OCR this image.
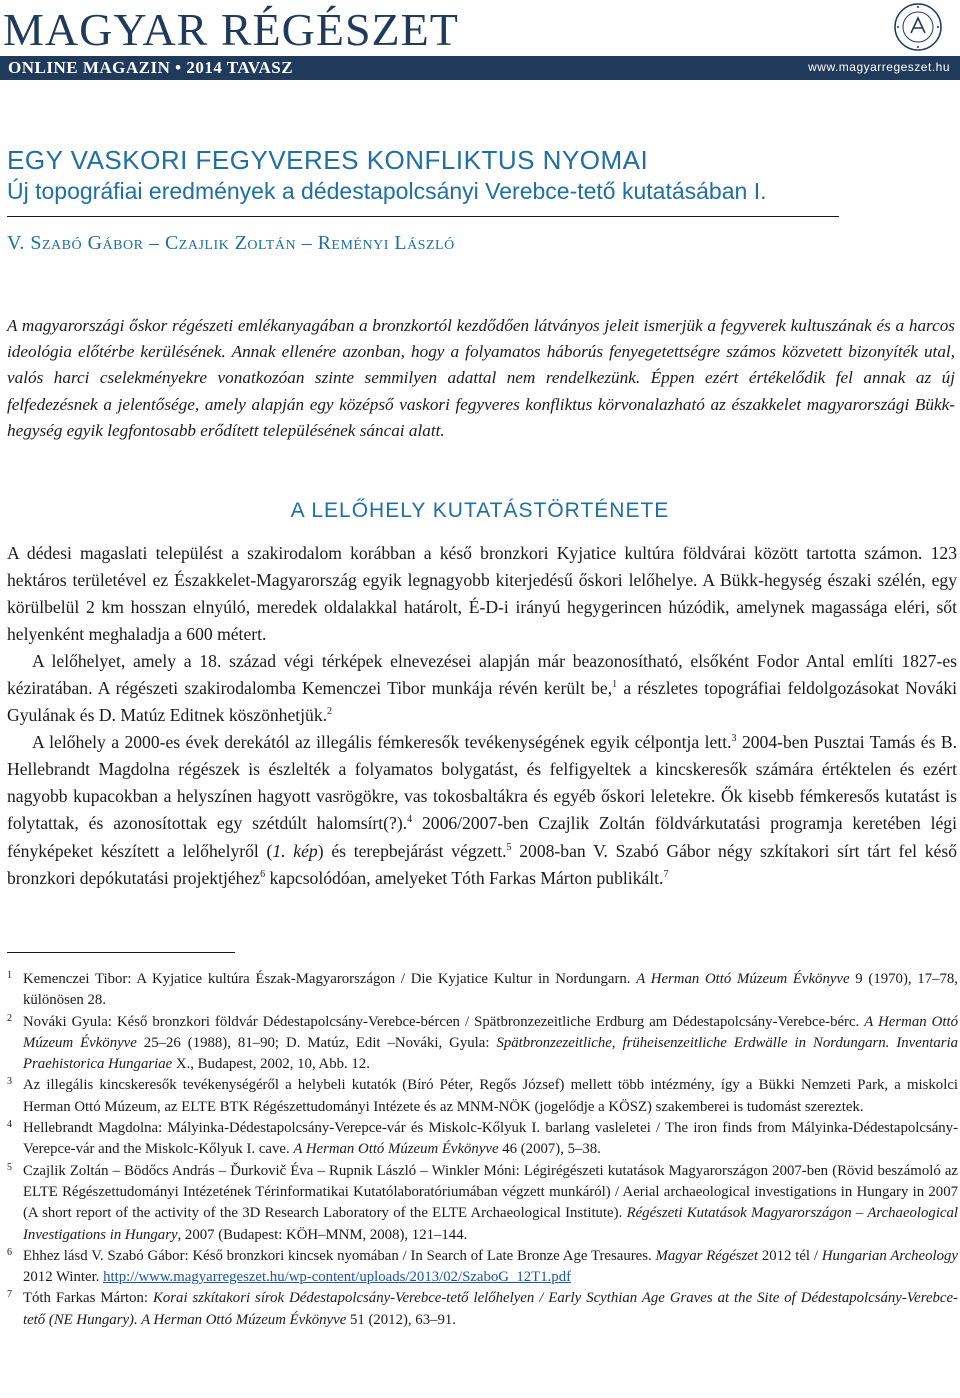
MAGYAR RÉGÉSZET
ONLINE MAGAZIN • 2014 TAVASZ	www.magyarregeszet.hu
EGY VASKORI FEGYVERES KONFLIKTUS NYOMAI
Új topográfiai eredmények a dédestapolcsányi Verebce-tető kutatásában I.
V. Szabó Gábor – Czajlik Zoltán – Reményi László
A magyarországi őskor régészeti emlékanyagában a bronzkortól kezdődően látványos jeleit ismerjük a fegyverek kultuszának és a harcos ideológia előtérbe kerülésének. Annak ellenére azonban, hogy a folyamatos háborús fenyegetettségre számos közvetett bizonyíték utal, valós harci cselekményekre vonatkozóan szinte semmilyen adattal nem rendelkezünk. Éppen ezért értékelődik fel annak az új felfedezésnek a jelentősége, amely alapján egy középső vaskori fegyveres konfliktus körvonalazható az északkelet magyarországi Bükk-hegység egyik legfontosabb erődített településének sáncai alatt.
A LELŐHELY KUTATÁSTÖRTÉNETE

A dédesi magaslati települést a szakirodalom korábban a késő bronzkori Kyjatice kultúra földvárai között tartotta számon. 123 hektáros területével ez Északkelet-Magyarország egyik legnagyobb kiterjedésű őskori lelőhelye. A Bükk-hegység északi szélén, egy körülbelül 2 km hosszan elnyúló, meredek oldalakkal határolt, É-D-i irányú hegygerincen húzódik, amelynek magassága eléri, sőt helyenként meghaladja a 600 métert.

A lelőhelyet, amely a 18. század végi térképek elnevezései alapján már beazonosítható, elsőként Fodor Antal említi 1827-es kéziratában. A régészeti szakirodalomba Kemenczei Tibor munkája révén került be,$^1$ a részletes topográfiai feldolgozásokat Nováki Gyulának és D. Matúz Editnek köszönhetjük.$^2$

A lelőhely a 2000-es évek derekától az illegális fémkeresők tevékenységének egyik célpontja lett.$^3$ 2004-ben Pusztai Tamás és B. Hellebrandt Magdolna régészek is észlelték a folyamatos bolygatást, és felfigyeltek a kincskeresők számára értéktelen és ezért nagyobb kupacokban a helyszínen hagyott vasrögökre, vas tokosbaltákra és egyéb őskori leletekre. Ők kisebb fémkeresős kutatást is folytattak, és azonosítottak egy szétdúlt halomsírt(?).$^4$ 2006/2007-ben Czajlik Zoltán földvárkutatási programja keretében légi fényképeket készített a lelőhelyről (1. kép) és terepbejárást végzett.$^5$ 2008-ban V. Szabó Gábor négy szkítakori sírt tárt fel késő bronzkori depókutatási projektjéhez$^6$ kapcsolódóan, amelyeket Tóth Farkas Márton publikált.$^7$

1 Kemenczei Tibor: A Kyjatice kultúra Észak-Magyarországon / Die Kyjatice Kultur in Nordungarn. A Herman Ottó Múzeum Évkönyve 9 (1970), 17–78, különösen 28.

2 Nováki Gyula: Késő bronzkori földvár Dédestapolcsány-Verebce-bércen / Spätbronzezeitliche Erdburg am Dédestapolcsány-Verebce-bérc. A Herman Ottó Múzeum Évkönyve 25–26 (1988), 81–90; D. Matúz, Edit –Nováki, Gyula: Spätbronzezeitliche, früheisenzeitliche Erdwälle in Nordungarn. Inventaria Praehistorica Hungariae X., Budapest, 2002, 10, Abb. 12.

3 Az illegális kincskeresők tevékenységéről a helybeli kutatók (Bíró Péter, Regős József) mellett több intézmény, így a Bükki Nemzeti Park, a miskolci Herman Ottó Múzeum, az ELTE BTK Régészettudományi Intézete és az MNM-NÖK (jogelődje a KÖSZ) szakemberei is tudomást szereztek.

4 Hellebrandt Magdolna: Mályinka-Dédestapolcsány-Verepce-vár és Miskolc-Kőlyuk I. barlang vasleletei / The iron finds from Mályinka-Dédestapolcsány-Verepce-vár and the Miskolc-Kőlyuk I. cave. A Herman Ottó Múzeum Évkönyve 46 (2007), 5–38.

5 Czajlik Zoltán – Bödőcs András – Ďurkovič Éva – Rupnik László – Winkler Móni: Légirégészeti kutatások Magyarországon 2007-ben (Rövid beszámoló az ELTE Régészettudományi Intézetének Térinformatikai Kutatólaboratóriumában végzett munkáról) / Aerial archaeological investigations in Hungary in 2007 (A short report of the activity of the 3D Research Laboratory of the ELTE Archaeological Institute). Régészeti Kutatások Magyarországon – Archaeological Investigations in Hungary, 2007 (Budapest: KÖH–MNM, 2008), 121–144.

6 Ehhez lásd V. Szabó Gábor: Késő bronzkori kincsek nyomában / In Search of Late Bronze Age Tresaures. Magyar Régészet 2012 tél / Hungarian Archeology 2012 Winter. http://www.magyarregeszet.hu/wp-content/uploads/2013/02/SzaboG_12T1.pdf

7 Tóth Farkas Márton: Korai szkítakori sírok Dédestapolcsány-Verebce-tető lelőhelyen / Early Scythian Age Graves at the Site of Dédestapolcsány-Verebce-tető (NE Hungary). A Herman Ottó Múzeum Évkönyve 51 (2012), 63–91.
